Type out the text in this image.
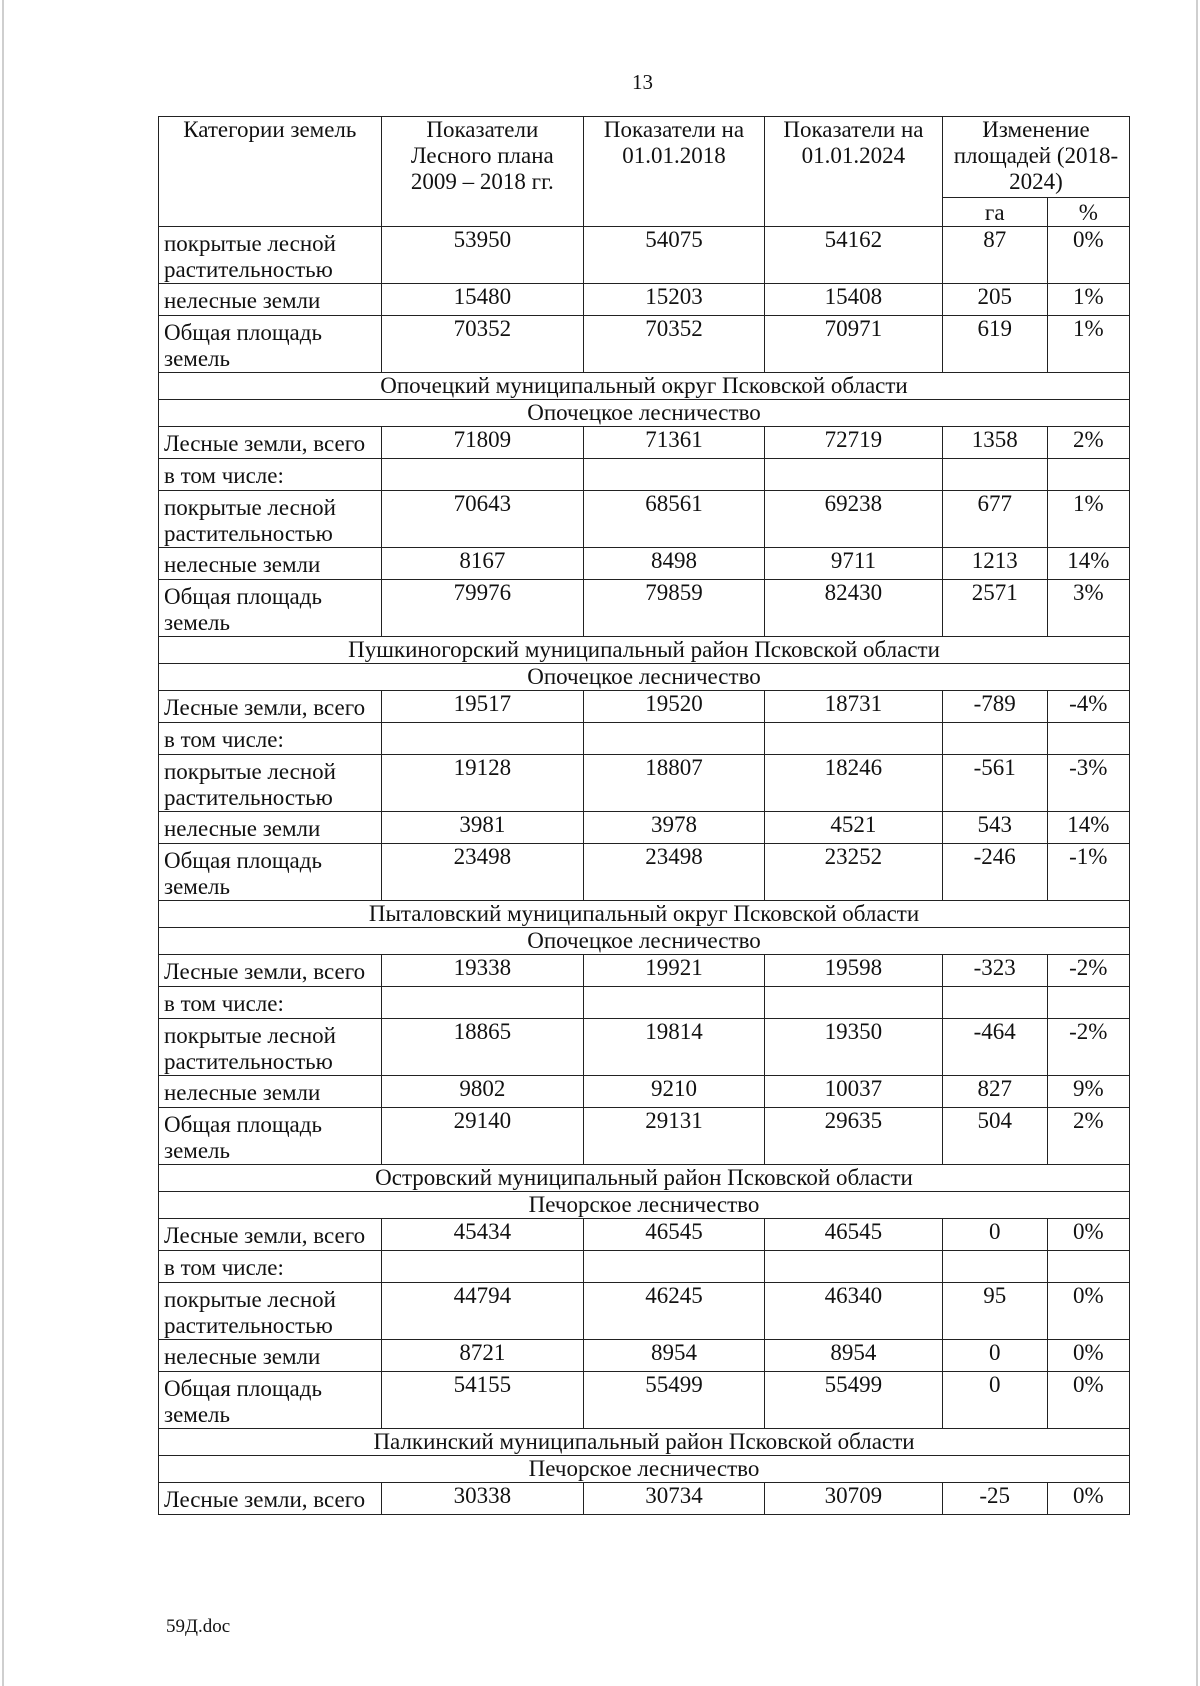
13
Категории земель	Показатели Лесного плана 2009 – 2018 гг.	Показатели на 01.01.2018	Показатели на 01.01.2024	Изменение площадей (2018-2024)	
				га	%
покрытые лесной растительностью	53950	54075	54162	87	0%
нелесные земли	15480	15203	15408	205	1%
Общая площадь земель	70352	70352	70971	619	1%
Опочецкий муниципальный округ Псковской области					
Опочецкое лесничество					
Лесные земли, всего	71809	71361	72719	1358	2%
в том числе:					
покрытые лесной растительностью	70643	68561	69238	677	1%
нелесные земли	8167	8498	9711	1213	14%
Общая площадь земель	79976	79859	82430	2571	3%
Пушкиногорский муниципальный район Псковской области					
Опочецкое лесничество					
Лесные земли, всего	19517	19520	18731	-789	-4%
в том числе:					
покрытые лесной растительностью	19128	18807	18246	-561	-3%
нелесные земли	3981	3978	4521	543	14%
Общая площадь земель	23498	23498	23252	-246	-1%
Пыталовский муниципальный округ Псковской области					
Опочецкое лесничество					
Лесные земли, всего	19338	19921	19598	-323	-2%
в том числе:					
покрытые лесной растительностью	18865	19814	19350	-464	-2%
нелесные земли	9802	9210	10037	827	9%
Общая площадь земель	29140	29131	29635	504	2%
Островский муниципальный район Псковской области					
Печорское лесничество					
Лесные земли, всего	45434	46545	46545	0	0%
в том числе:					
покрытые лесной растительностью	44794	46245	46340	95	0%
нелесные земли	8721	8954	8954	0	0%
Общая площадь земель	54155	55499	55499	0	0%
Палкинский муниципальный район Псковской области					
Печорское лесничество					
Лесные земли, всего	30338	30734	30709	-25	0%
59Д.doc
